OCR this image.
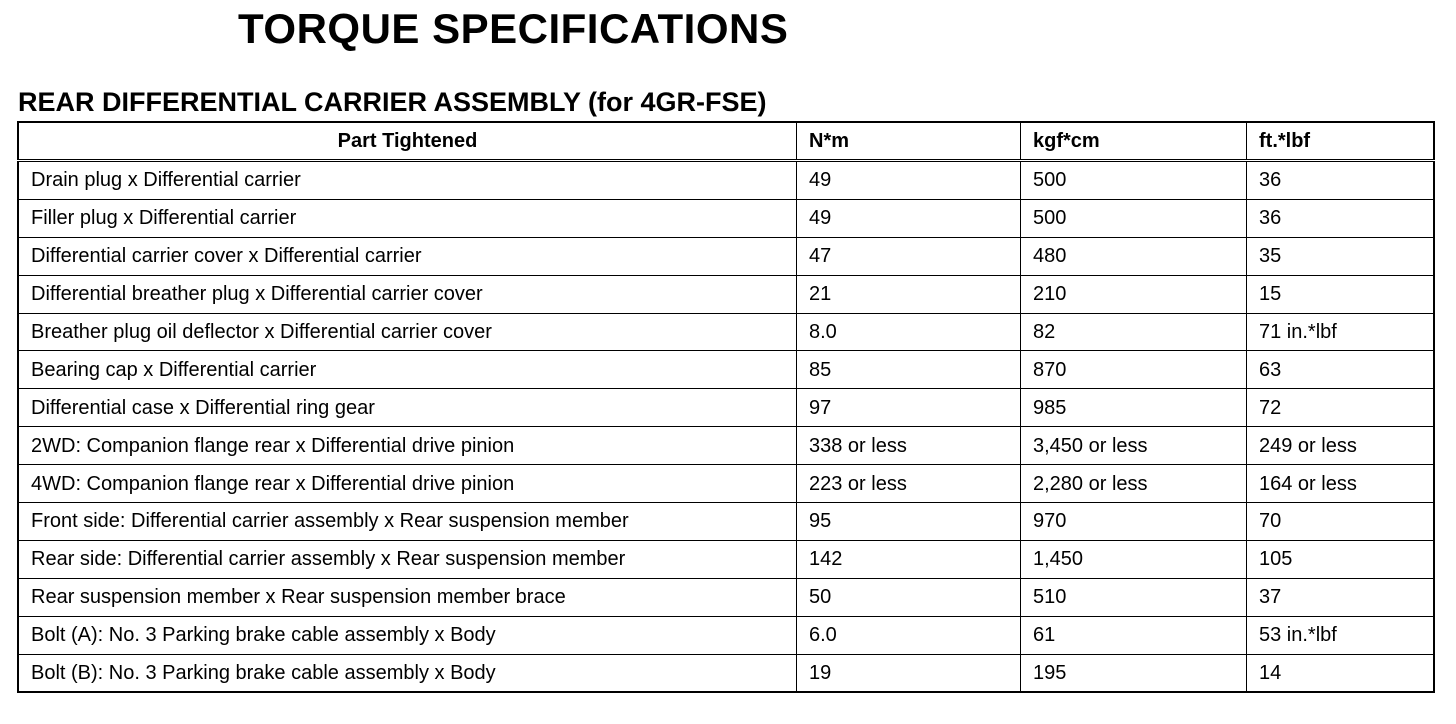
TORQUE SPECIFICATIONS
REAR DIFFERENTIAL CARRIER ASSEMBLY (for 4GR-FSE)
Part Tightened	N*m	kgf*cm	ft.*lbf
Drain plug x Differential carrier	49	500	36
Filler plug x Differential carrier	49	500	36
Differential carrier cover x Differential carrier	47	480	35
Differential breather plug x Differential carrier cover	21	210	15
Breather plug oil deflector x Differential carrier cover	8.0	82	71 in.*lbf
Bearing cap x Differential carrier	85	870	63
Differential case x Differential ring gear	97	985	72
2WD: Companion flange rear x Differential drive pinion	338 or less	3,450 or less	249 or less
4WD: Companion flange rear x Differential drive pinion	223 or less	2,280 or less	164 or less
Front side: Differential carrier assembly x Rear suspension member	95	970	70
Rear side: Differential carrier assembly x Rear suspension member	142	1,450	105
Rear suspension member x Rear suspension member brace	50	510	37
Bolt (A): No. 3 Parking brake cable assembly x Body	6.0	61	53 in.*lbf
Bolt (B): No. 3 Parking brake cable assembly x Body	19	195	14
